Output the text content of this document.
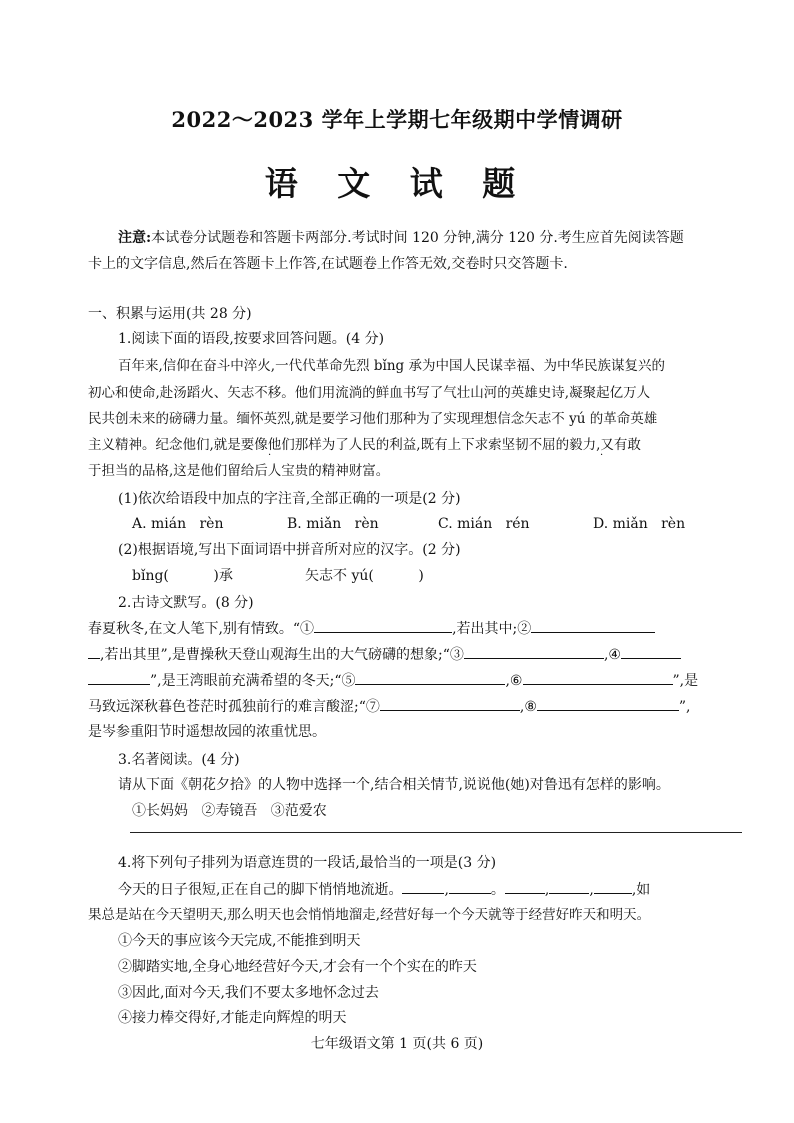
2022～2023 学年上学期七年级期中学情调研
语 文 试 题
注意:本试卷分试题卷和答题卡两部分.考试时间 120 分钟,满分 120 分.考生应首先阅读答题
卡上的文字信息,然后在答题卡上作答,在试题卷上作答无效,交卷时只交答题卡.
一、积累与运用(共 28 分)
1.阅读下面的语段,按要求回答问题。(4 分)
百年来,信仰在奋斗中淬火,一代代革命先烈 bǐng 承为中国人民谋幸福、为中华民族谋复兴的
初心和使命,赴汤蹈火、矢志不移。他们用流淌的鲜血书写了气壮山河的英雄史诗,凝聚起亿万人
民共创未来的磅礴力量。缅怀英烈,就是要学习他们那种为了实现理想信念矢志不 yú 的革命英雄
主义精神。纪念他们,就是要像他们那样为了人民的利益,既有上下求索坚韧不屈的毅力,又有敢
·	·
于担当的品格,这是他们留给后人宝贵的精神财富。
(1)依次给语段中加点的字注音,全部正确的一项是(2 分)
A. mián   rèn	B. miǎn   rèn	C. mián   rén	D. miǎn   rèn
(2)根据语境,写出下面词语中拼音所对应的汉字。(2 分)
bǐng(          )承	矢志不 yú(          )
2.古诗文默写。(8 分)
春夏秋冬,在文人笔下,别有情致。“①	,若出其中;②
,若出其里”,是曹操秋天登山观海生出的大气磅礴的想象;“③	,④
”,是王湾眼前充满希望的冬天;“⑤	,⑥	”,是
马致远深秋暮色苍茫时孤独前行的难言酸涩;“⑦	,⑧	”,
是岑参重阳节时遥想故园的浓重忧思。
3.名著阅读。(4 分)
请从下面《朝花夕拾》的人物中选择一个,结合相关情节,说说他(她)对鲁迅有怎样的影响。
①长妈妈   ②寿镜吾   ③范爱农
4.将下列句子排列为语意连贯的一段话,最恰当的一项是(3 分)
今天的日子很短,正在自己的脚下悄悄地流逝。	,	。	,	,	,如
果总是站在今天望明天,那么明天也会悄悄地溜走,经营好每一个今天就等于经营好昨天和明天。
①今天的事应该今天完成,不能推到明天
②脚踏实地,全身心地经营好今天,才会有一个个实在的昨天
③因此,面对今天,我们不要太多地怀念过去
④接力棒交得好,才能走向辉煌的明天
七年级语文第 1 页(共 6 页)
